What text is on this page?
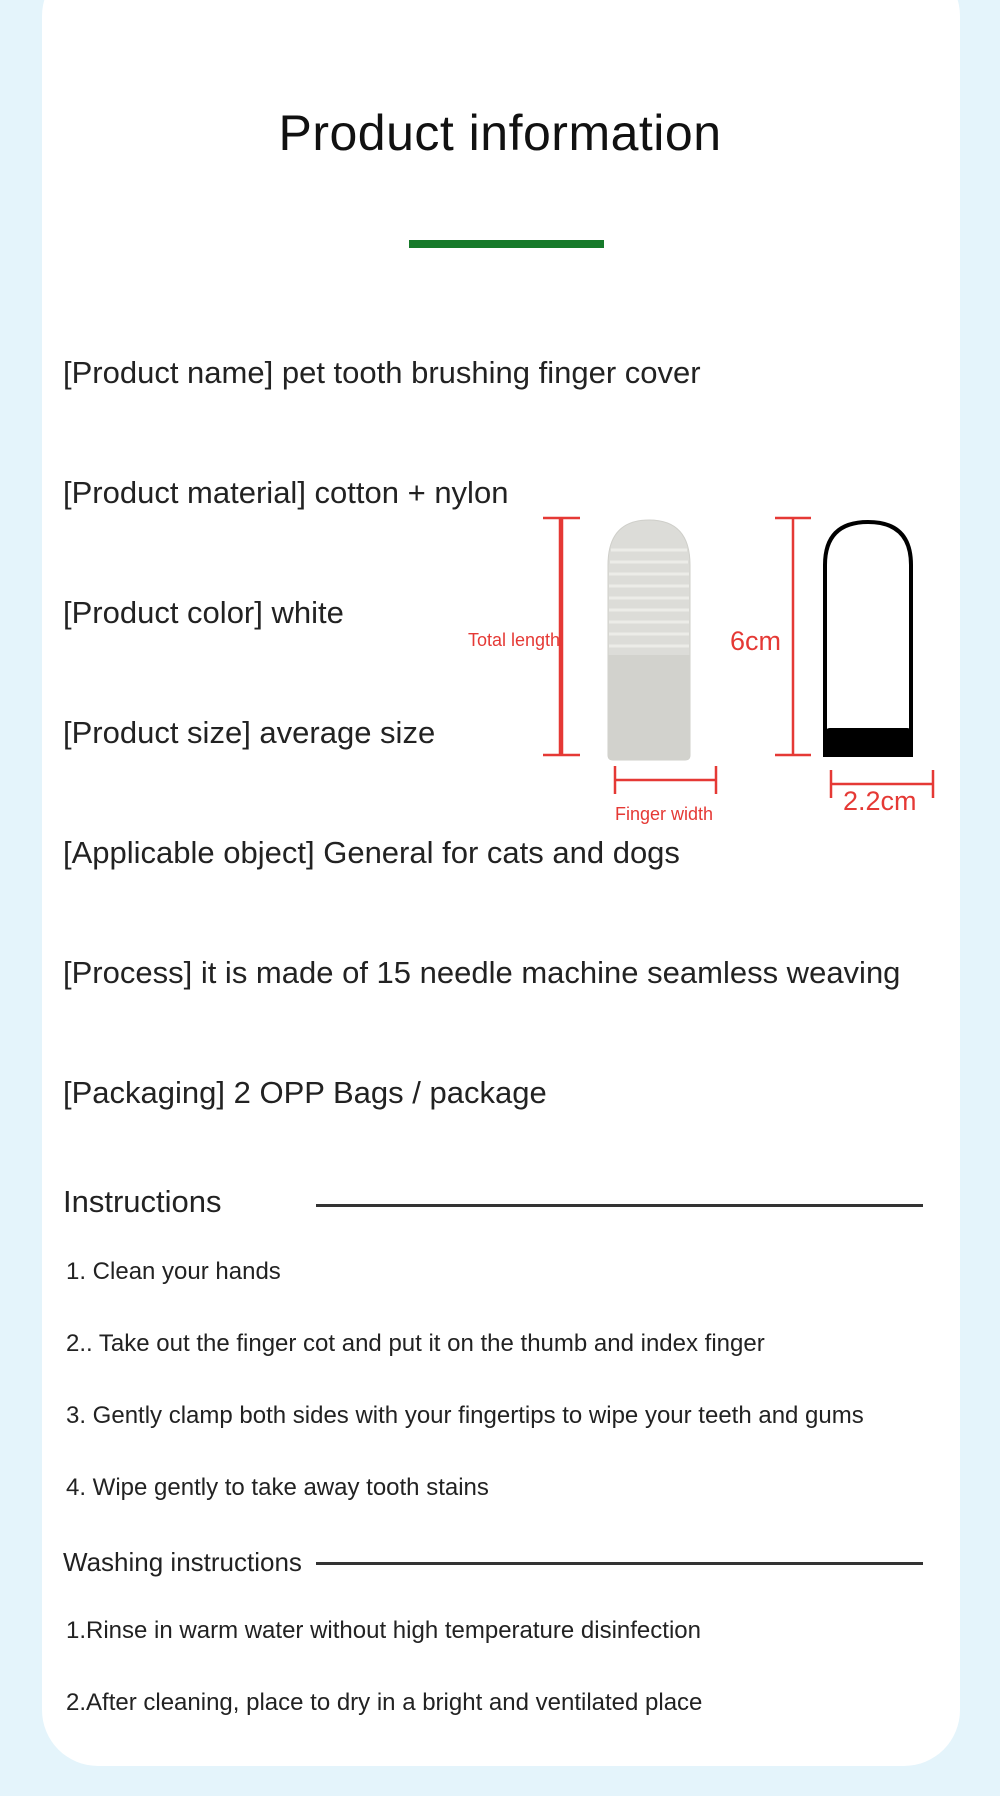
Product information
[Product name] pet tooth brushing finger cover
[Product material] cotton + nylon
[Product color] white
[Product size] average size
[Applicable object] General for cats and dogs
[Process] it is made of 15 needle machine seamless weaving
[Packaging] 2 OPP Bags / package
Total length	6cm
Finger width	2.2cm
Instructions
1. Clean your hands
2.. Take out the finger cot and put it on the thumb and index finger
3. Gently clamp both sides with your fingertips to wipe your teeth and gums
4. Wipe gently to take away tooth stains
Washing instructions
1.Rinse in warm water without high temperature disinfection
2.After cleaning, place to dry in a bright and ventilated place
